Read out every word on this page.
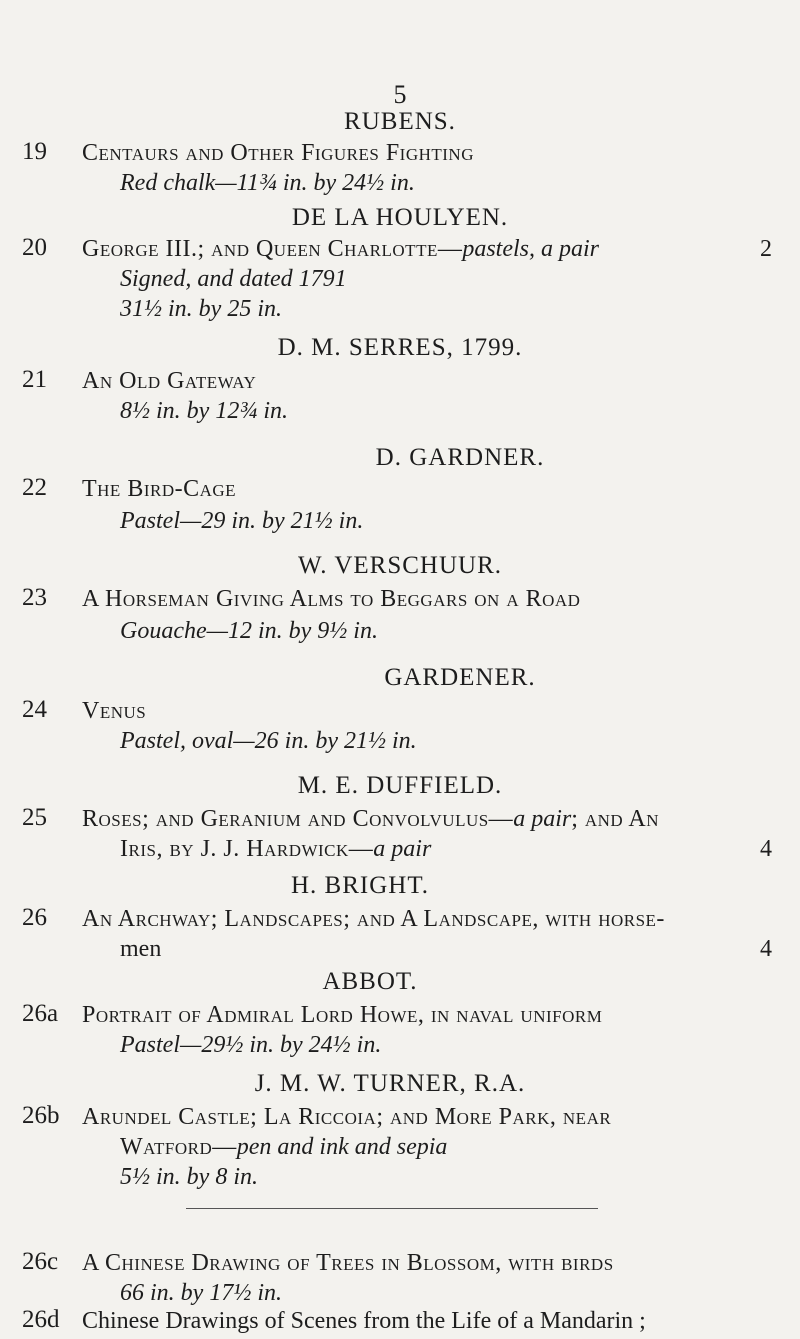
5
RUBENS.
19 Centaurs and Other Figures Fighting
Red chalk—11¾ in. by 24½ in.
DE LA HOULYEN.
20 George III.; and Queen Charlotte—pastels, a pair	2
Signed, and dated 1791
31½ in. by 25 in.
D. M. SERRES, 1799.
21 An Old Gateway
8½ in. by 12¾ in.
D. GARDNER.
22 The Bird-Cage
Pastel—29 in. by 21½ in.
W. VERSCHUUR.
23 A Horseman Giving Alms to Beggars on a Road
Gouache—12 in. by 9½ in.
GARDENER.
24 Venus
Pastel, oval—26 in. by 21½ in.
M. E. DUFFIELD.
25 Roses; and Geranium and Convolvulus—a pair; and An
Iris, by J. J. Hardwick—a pair	4
H. BRIGHT.
26 An Archway; Landscapes; and A Landscape, with horse-
men	4
ABBOT.
26a Portrait of Admiral Lord Howe, in naval uniform
Pastel—29½ in. by 24½ in.
J. M. W. TURNER, R.A.
26b Arundel Castle; La Riccoia; and More Park, near
Watford—pen and ink and sepia
5½ in. by 8 in.
26c A Chinese Drawing of Trees in Blossom, with birds
66 in. by 17½ in.
26d Chinese Drawings of Scenes from the Life of a Mandarin ;
